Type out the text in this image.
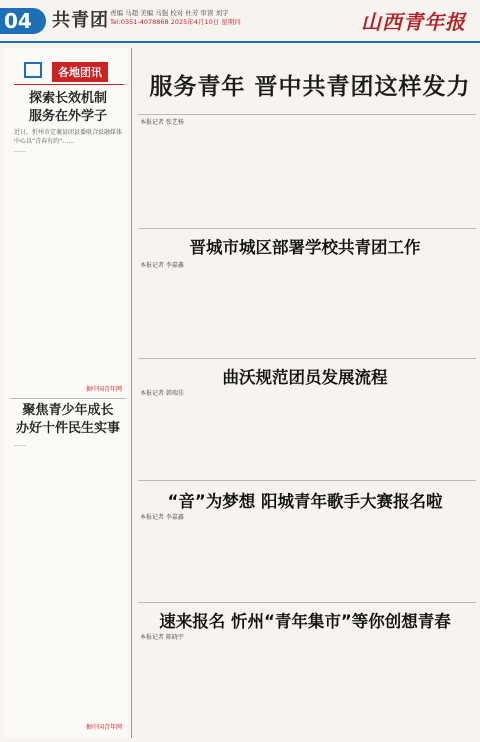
04	共青团 责编 马超 美编 马强 校对 杜芳 审读 刘宇
Tel:0351-4078868 2025年4月10日 星期四	山西青年报
各地团讯
探索长效机制
服务在外学子
近日，忻州市定襄县团县委联合县融媒体中心以“青春有约”……
……
据中国青年网
聚焦青少年成长
办好十件民生实事
……
据中国青年网
服务青年 晋中共青团这样发力
本报记者 张艺杨
晋城市城区部署学校共青团工作
本报记者 李嘉鑫
曲沃规范团员发展流程
本报记者 韩瑞佳
“音”为梦想 阳城青年歌手大赛报名啦
本报记者 李嘉鑫
速来报名 忻州“青年集市”等你创想青春
本报记者 陈晓宇
